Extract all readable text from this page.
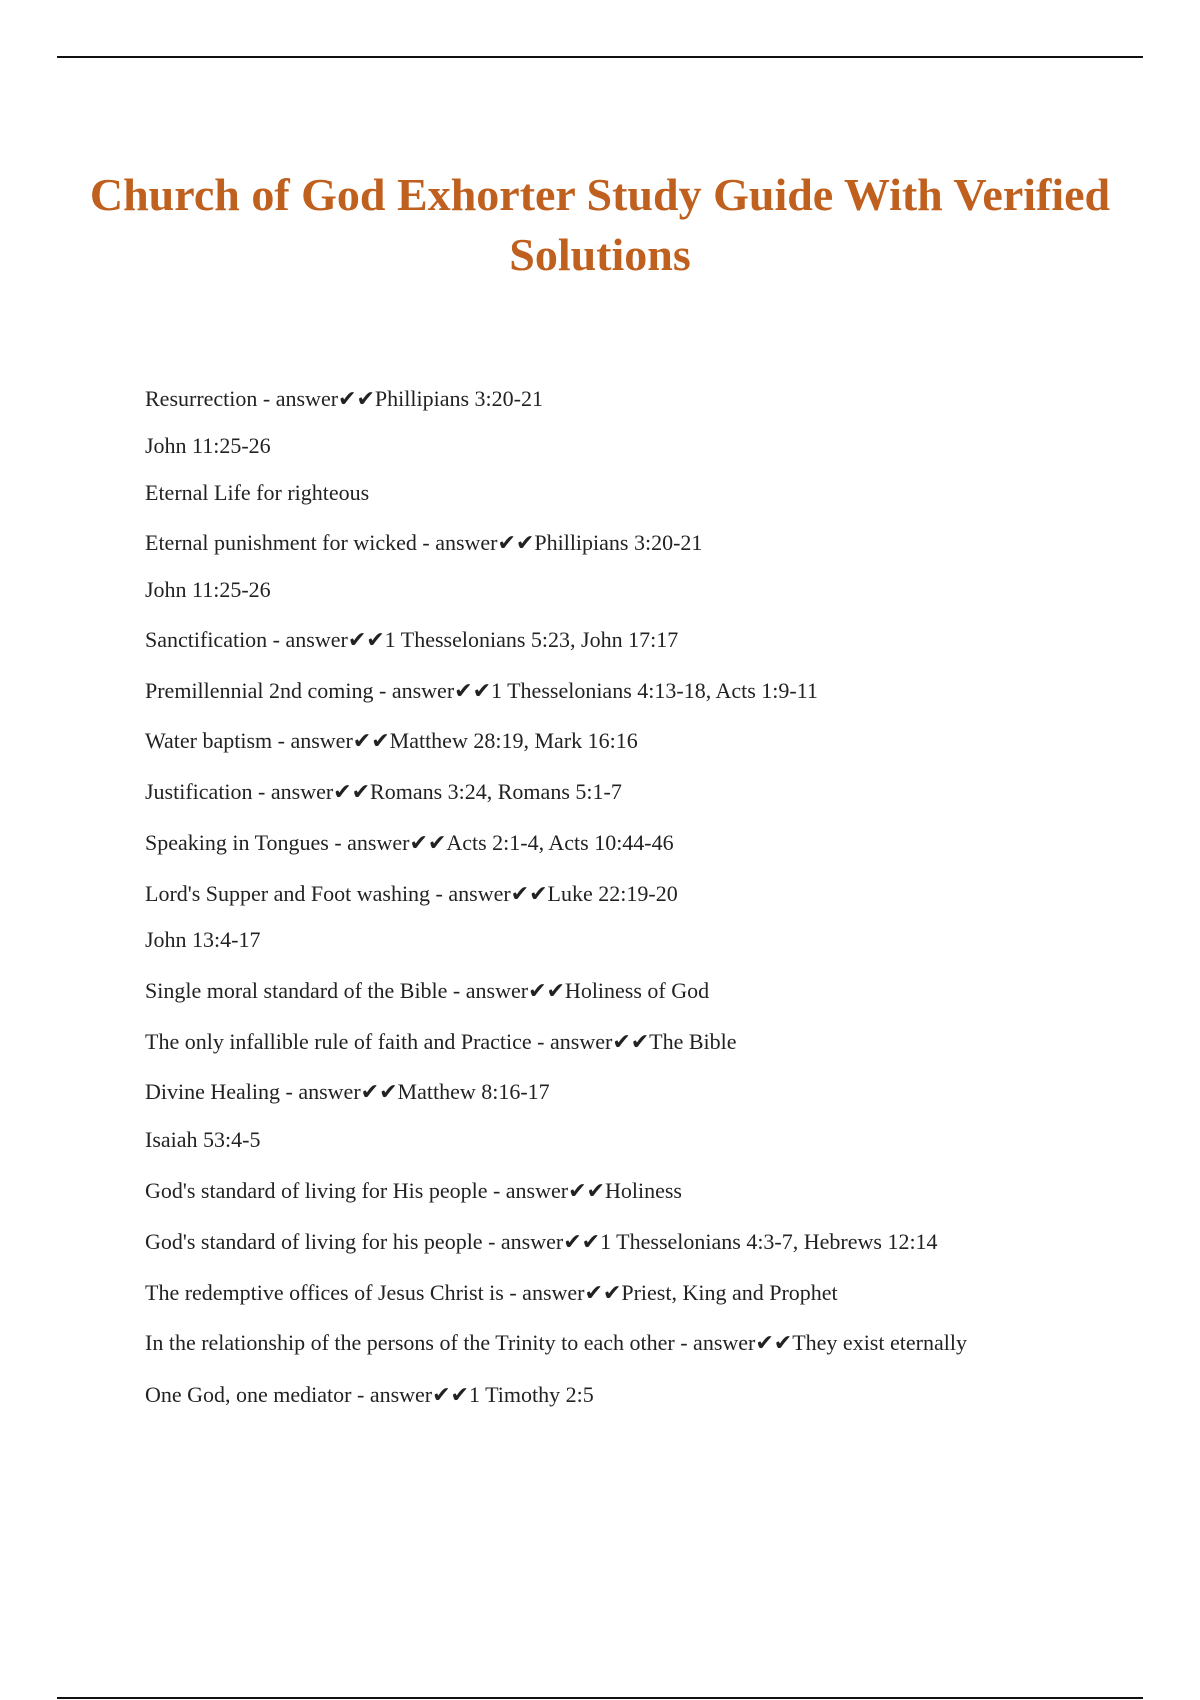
Church of God Exhorter Study Guide With Verified Solutions
Resurrection - answer✔✔Phillipians 3:20-21
John 11:25-26
Eternal Life for righteous
Eternal punishment for wicked - answer✔✔Phillipians 3:20-21
John 11:25-26
Sanctification - answer✔✔1 Thesselonians 5:23, John 17:17
Premillennial 2nd coming - answer✔✔1 Thesselonians 4:13-18, Acts 1:9-11
Water baptism - answer✔✔Matthew 28:19, Mark 16:16
Justification - answer✔✔Romans 3:24, Romans 5:1-7
Speaking in Tongues - answer✔✔Acts 2:1-4, Acts 10:44-46
Lord's Supper and Foot washing - answer✔✔Luke 22:19-20
John 13:4-17
Single moral standard of the Bible - answer✔✔Holiness of God
The only infallible rule of faith and Practice - answer✔✔The Bible
Divine Healing - answer✔✔Matthew 8:16-17
Isaiah 53:4-5
God's standard of living for His people - answer✔✔Holiness
God's standard of living for his people - answer✔✔1 Thesselonians 4:3-7, Hebrews 12:14
The redemptive offices of Jesus Christ is - answer✔✔Priest, King and Prophet
In the relationship of the persons of the Trinity to each other - answer✔✔They exist eternally
One God, one mediator - answer✔✔1 Timothy 2:5
